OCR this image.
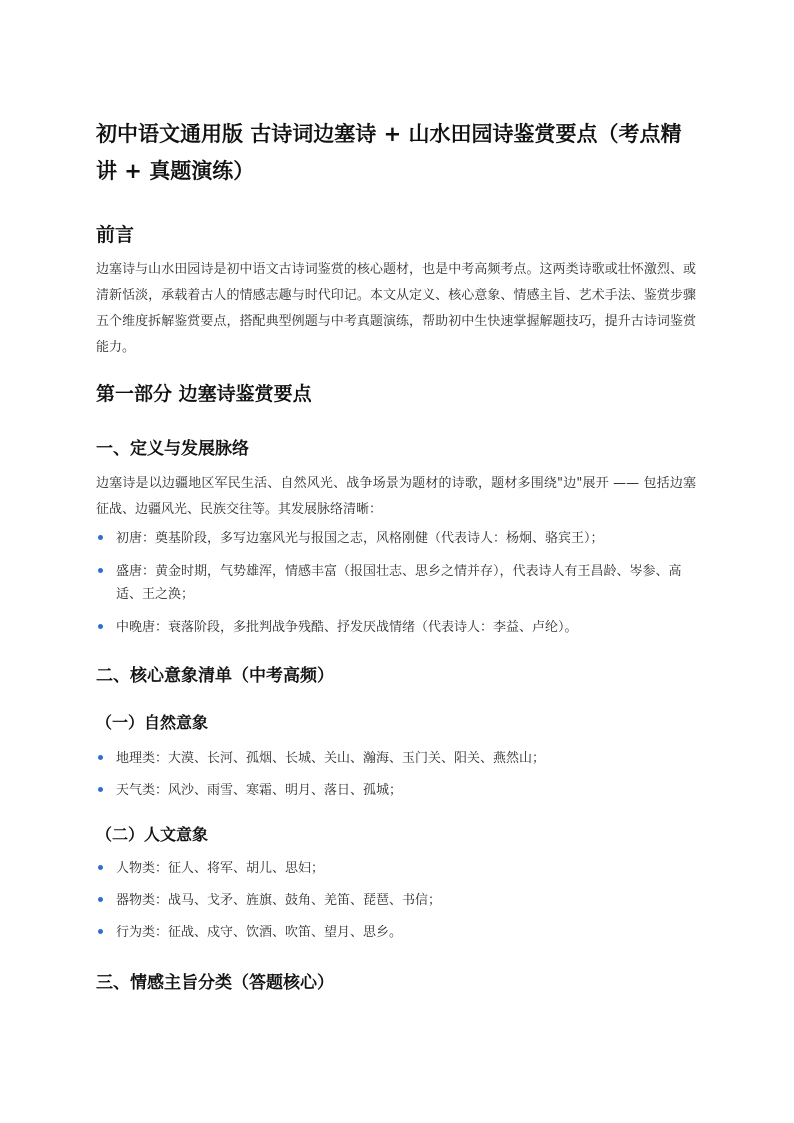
初中语文通用版 古诗词边塞诗 + 山水田园诗鉴赏要点（考点精讲 + 真题演练）
前言

边塞诗与山水田园诗是初中语文古诗词鉴赏的核心题材，也是中考高频考点。这两类诗歌或壮怀激烈、或清新恬淡，承载着古人的情感志趣与时代印记。本文从定义、核心意象、情感主旨、艺术手法、鉴赏步骤五个维度拆解鉴赏要点，搭配典型例题与中考真题演练，帮助初中生快速掌握解题技巧，提升古诗词鉴赏能力。

第一部分 边塞诗鉴赏要点
一、定义与发展脉络

边塞诗是以边疆地区军民生活、自然风光、战争场景为题材的诗歌，题材多围绕"边"展开 —— 包括边塞征战、边疆风光、民族交往等。其发展脉络清晰：

初唐：奠基阶段，多写边塞风光与报国之志，风格刚健（代表诗人：杨炯、骆宾王）；
盛唐：黄金时期，气势雄浑，情感丰富（报国壮志、思乡之情并存），代表诗人有王昌龄、岑参、高适、王之涣；
中晚唐：衰落阶段，多批判战争残酷、抒发厌战情绪（代表诗人：李益、卢纶）。
二、核心意象清单（中考高频）
（一）自然意象
地理类：大漠、长河、孤烟、长城、关山、瀚海、玉门关、阳关、燕然山；
天气类：风沙、雨雪、寒霜、明月、落日、孤城；
（二）人文意象
人物类：征人、将军、胡儿、思妇；
器物类：战马、戈矛、旌旗、鼓角、羌笛、琵琶、书信；
行为类：征战、戍守、饮酒、吹笛、望月、思乡。
三、情感主旨分类（答题核心）
